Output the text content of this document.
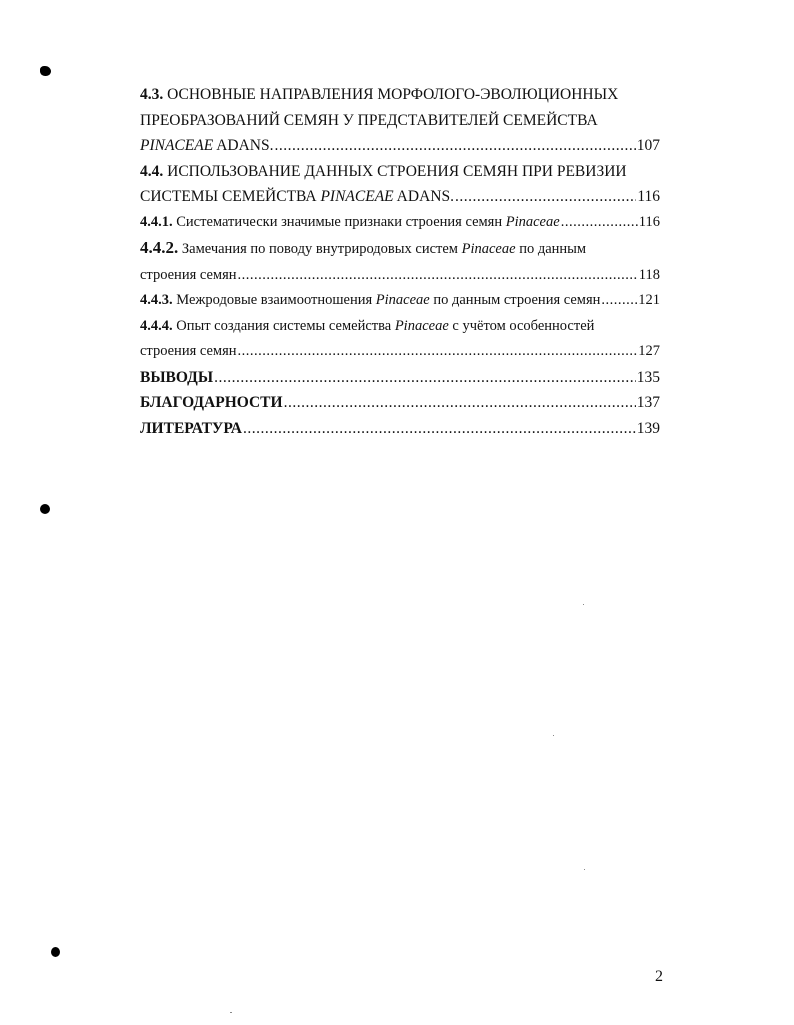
4.3. ОСНОВНЫЕ НАПРАВЛЕНИЯ МОРФОЛОГО-ЭВОЛЮЦИОННЫХ
ПРЕОБРАЗОВАНИЙ СЕМЯН У ПРЕДСТАВИТЕЛЕЙ СЕМЕЙСТВА
PINACEAE ADANS. .....	107
4.4. ИСПОЛЬЗОВАНИЕ ДАННЫХ СТРОЕНИЯ СЕМЯН ПРИ РЕВИЗИИ
СИСТЕМЫ СЕМЕЙСТВА PINACEAE ADANS. .....	116
4.4.1. Систематически значимые признаки строения семян Pinaceae .....	116
4.4.2. Замечания по поводу внутриродовых систем Pinaceae по данным
строения семян .....	118
4.4.3. Межродовые взаимоотношения Pinaceae по данным строения семян .....	121
4.4.4. Опыт создания системы семейства Pinaceae с учётом особенностей
строения семян .....	127
ВЫВОДЫ .....	135
БЛАГОДАРНОСТИ .....	137
ЛИТЕРАТУРА .....	139
2
